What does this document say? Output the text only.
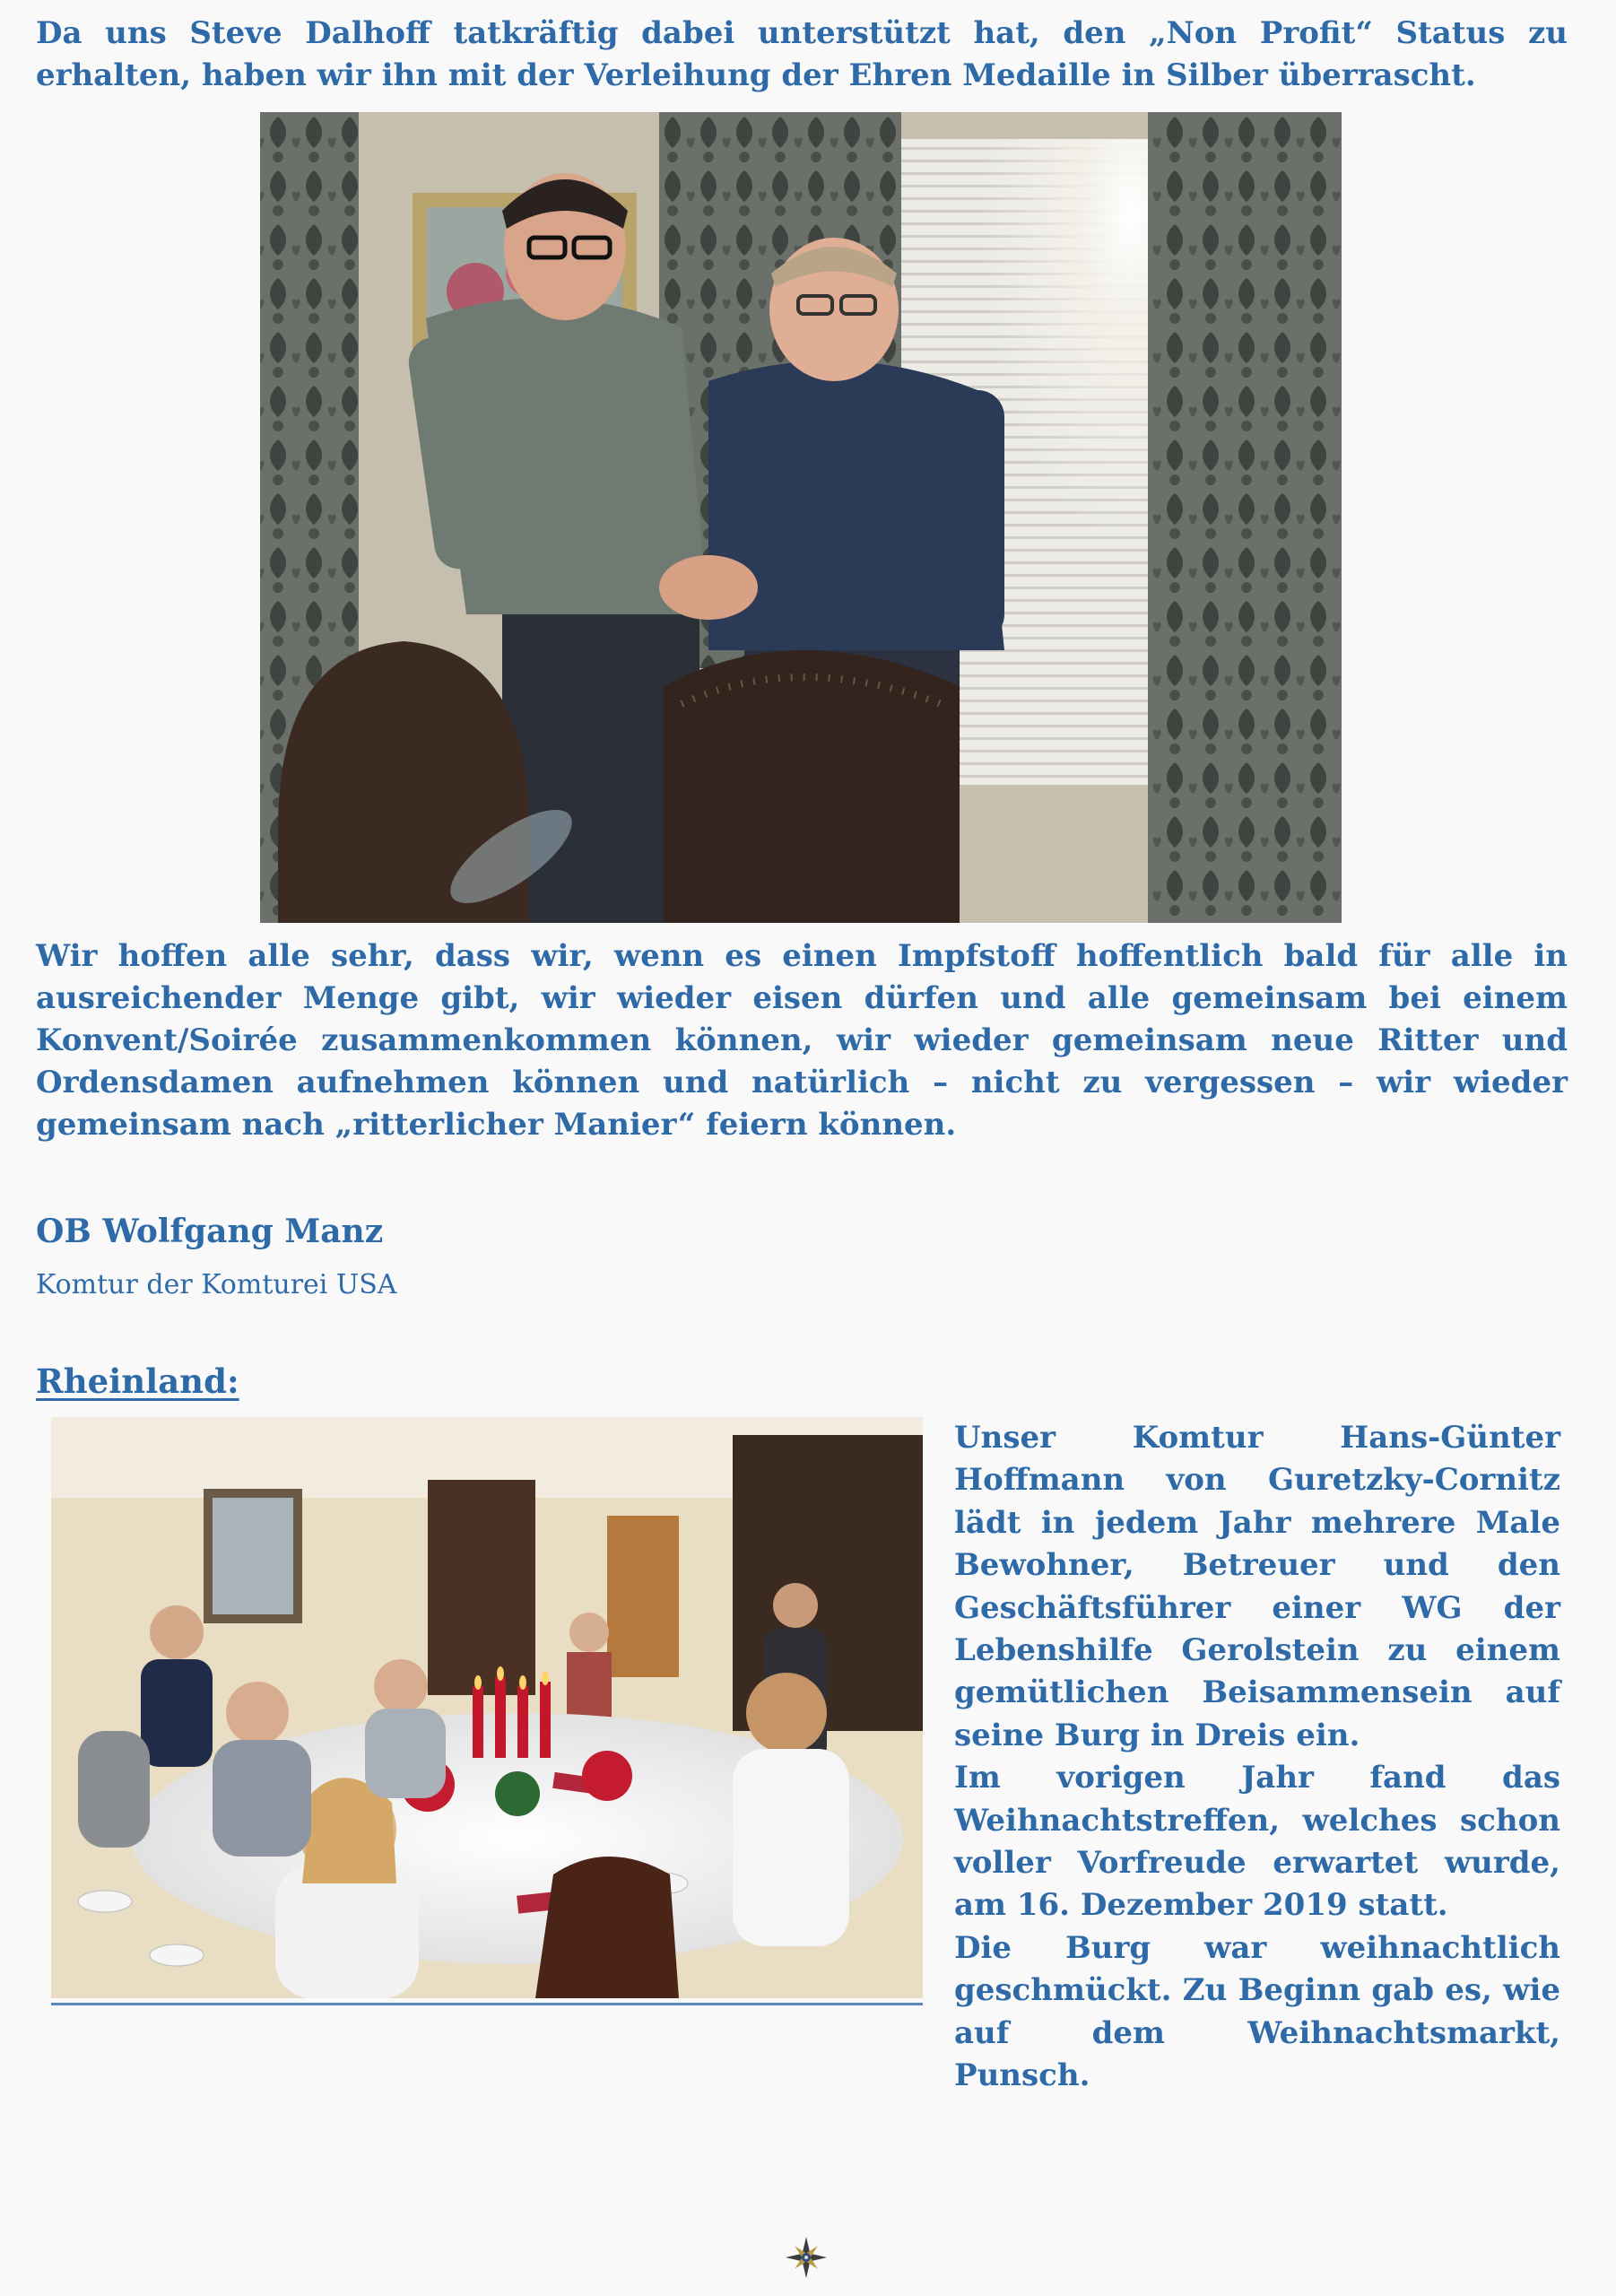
Da uns Steve Dalhoff tatkräftig dabei unterstützt hat, den „Non Profit“ Status zu erhalten, haben wir ihn mit der Verleihung der Ehren Medaille in Silber überrascht.

Wir hoffen alle sehr, dass wir, wenn es einen Impfstoff hoffentlich bald für alle in ausreichender Menge gibt, wir wieder eisen dürfen und alle gemeinsam bei einem Konvent/Soirée zusammenkommen können, wir wieder gemeinsam neue Ritter und Ordensdamen aufnehmen können und natürlich – nicht zu vergessen – wir wieder gemeinsam nach „ritterlicher Manier“ feiern können.

OB Wolfgang Manz

Komtur der Komturei USA

Rheinland:

Unser Komtur Hans-Günter Hoffmann von Guretzky-Cornitz lädt in jedem Jahr mehrere Male Bewohner, Betreuer und den Geschäftsführer einer WG der Lebenshilfe Gerolstein zu einem gemütlichen Beisammensein auf seine Burg in Dreis ein.
Im vorigen Jahr fand das Weihnachtstreffen, welches schon voller Vorfreude erwartet wurde, am 16. Dezember 2019 statt.
Die Burg war weihnachtlich geschmückt. Zu Beginn gab es, wie auf dem Weihnachtsmarkt, Punsch.
